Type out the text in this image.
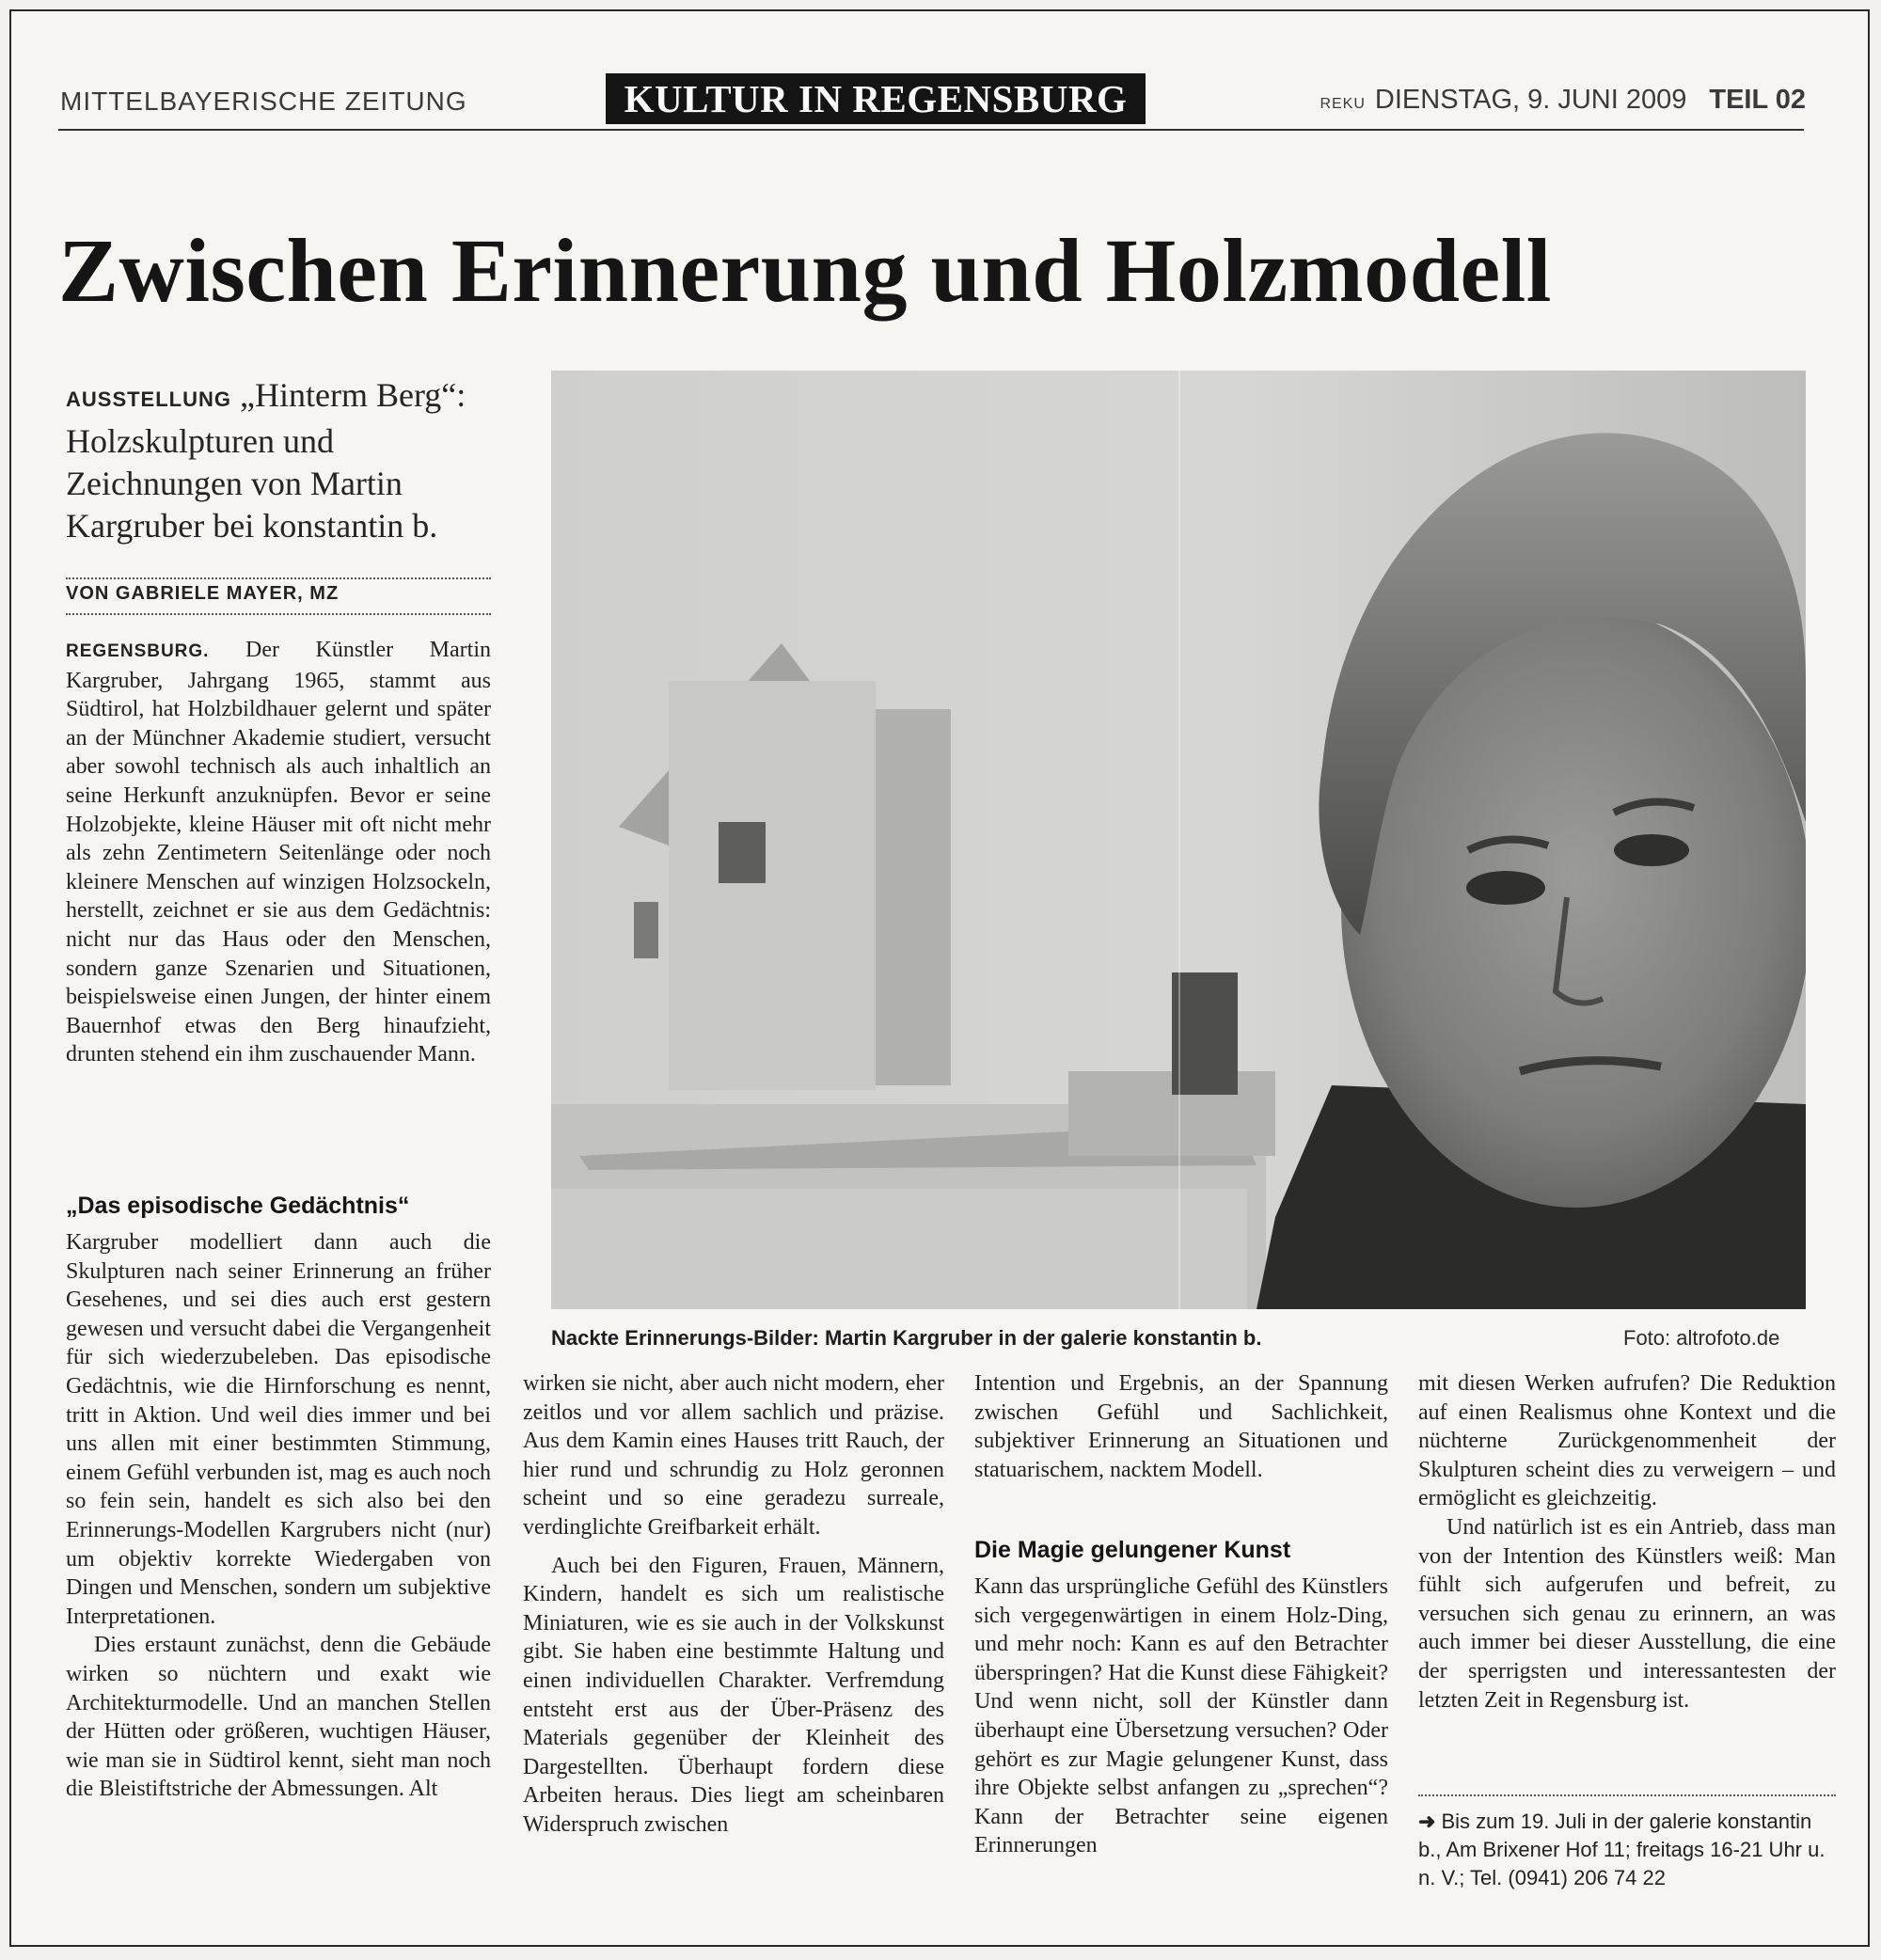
MITTELBAYERISCHE ZEITUNG	KULTUR IN REGENSBURG	REKU DIENSTAG, 9. JUNI 2009 TEIL 02
Zwischen Erinnerung und Holzmodell
AUSSTELLUNG „Hinterm Berg“: Holzskulpturen und Zeichnungen von Martin Kargruber bei konstantin b.
VON GABRIELE MAYER, MZ

REGENSBURG. Der Künstler Martin Kargruber, Jahrgang 1965, stammt aus Südtirol, hat Holzbildhauer gelernt und später an der Münchner Akademie studiert, versucht aber sowohl technisch als auch inhaltlich an seine Herkunft anzuknüpfen. Bevor er seine Holzobjekte, kleine Häuser mit oft nicht mehr als zehn Zentimetern Seitenlänge oder noch kleinere Menschen auf winzigen Holzsockeln, herstellt, zeichnet er sie aus dem Gedächtnis: nicht nur das Haus oder den Menschen, sondern ganze Szenarien und Situationen, beispielsweise einen Jungen, der hinter einem Bauernhof etwas den Berg hinaufzieht, drunten stehend ein ihm zuschauender Mann.

„Das episodische Gedächtnis“

Kargruber modelliert dann auch die Skulpturen nach seiner Erinnerung an früher Gesehenes, und sei dies auch erst gestern gewesen und versucht dabei die Vergangenheit für sich wiederzubeleben. Das episodische Gedächtnis, wie die Hirnforschung es nennt, tritt in Aktion. Und weil dies immer und bei uns allen mit einer bestimmten Stimmung, einem Gefühl verbunden ist, mag es auch noch so fein sein, handelt es sich also bei den Erinnerungs-Modellen Kargrubers nicht (nur) um objektiv korrekte Wiedergaben von Dingen und Menschen, sondern um subjektive Interpretationen.

Dies erstaunt zunächst, denn die Gebäude wirken so nüchtern und exakt wie Architekturmodelle. Und an manchen Stellen der Hütten oder größeren, wuchtigen Häuser, wie man sie in Südtirol kennt, sieht man noch die Bleistiftstriche der Abmessungen. Alt

Nackte Erinnerungs-Bilder: Martin Kargruber in der galerie konstantin b.	Foto: altrofoto.de

wirken sie nicht, aber auch nicht modern, eher zeitlos und vor allem sachlich und präzise. Aus dem Kamin eines Hauses tritt Rauch, der hier rund und schrundig zu Holz geronnen scheint und so eine geradezu surreale, verdinglichte Greifbarkeit erhält.

Auch bei den Figuren, Frauen, Männern, Kindern, handelt es sich um realistische Miniaturen, wie es sie auch in der Volkskunst gibt. Sie haben eine bestimmte Haltung und einen individuellen Charakter. Verfremdung entsteht erst aus der Über-Präsenz des Materials gegenüber der Kleinheit des Dargestellten. Überhaupt fordern diese Arbeiten heraus. Dies liegt am scheinbaren Widerspruch zwischen

Intention und Ergebnis, an der Spannung zwischen Gefühl und Sachlichkeit, subjektiver Erinnerung an Situationen und statuarischem, nacktem Modell.

Die Magie gelungener Kunst

Kann das ursprüngliche Gefühl des Künstlers sich vergegenwärtigen in einem Holz-Ding, und mehr noch: Kann es auf den Betrachter überspringen? Hat die Kunst diese Fähigkeit? Und wenn nicht, soll der Künstler dann überhaupt eine Übersetzung versuchen? Oder gehört es zur Magie gelungener Kunst, dass ihre Objekte selbst anfangen zu „sprechen“? Kann der Betrachter seine eigenen Erinnerungen

mit diesen Werken aufrufen? Die Reduktion auf einen Realismus ohne Kontext und die nüchterne Zurückgenommenheit der Skulpturen scheint dies zu verweigern – und ermöglicht es gleichzeitig.

Und natürlich ist es ein Antrieb, dass man von der Intention des Künstlers weiß: Man fühlt sich aufgerufen und befreit, zu versuchen sich genau zu erinnern, an was auch immer bei dieser Ausstellung, die eine der sperrigsten und interessantesten der letzten Zeit in Regensburg ist.

➜ Bis zum 19. Juli in der galerie konstantin b., Am Brixener Hof 11; freitags 16-21 Uhr u. n. V.; Tel. (0941) 206 74 22
